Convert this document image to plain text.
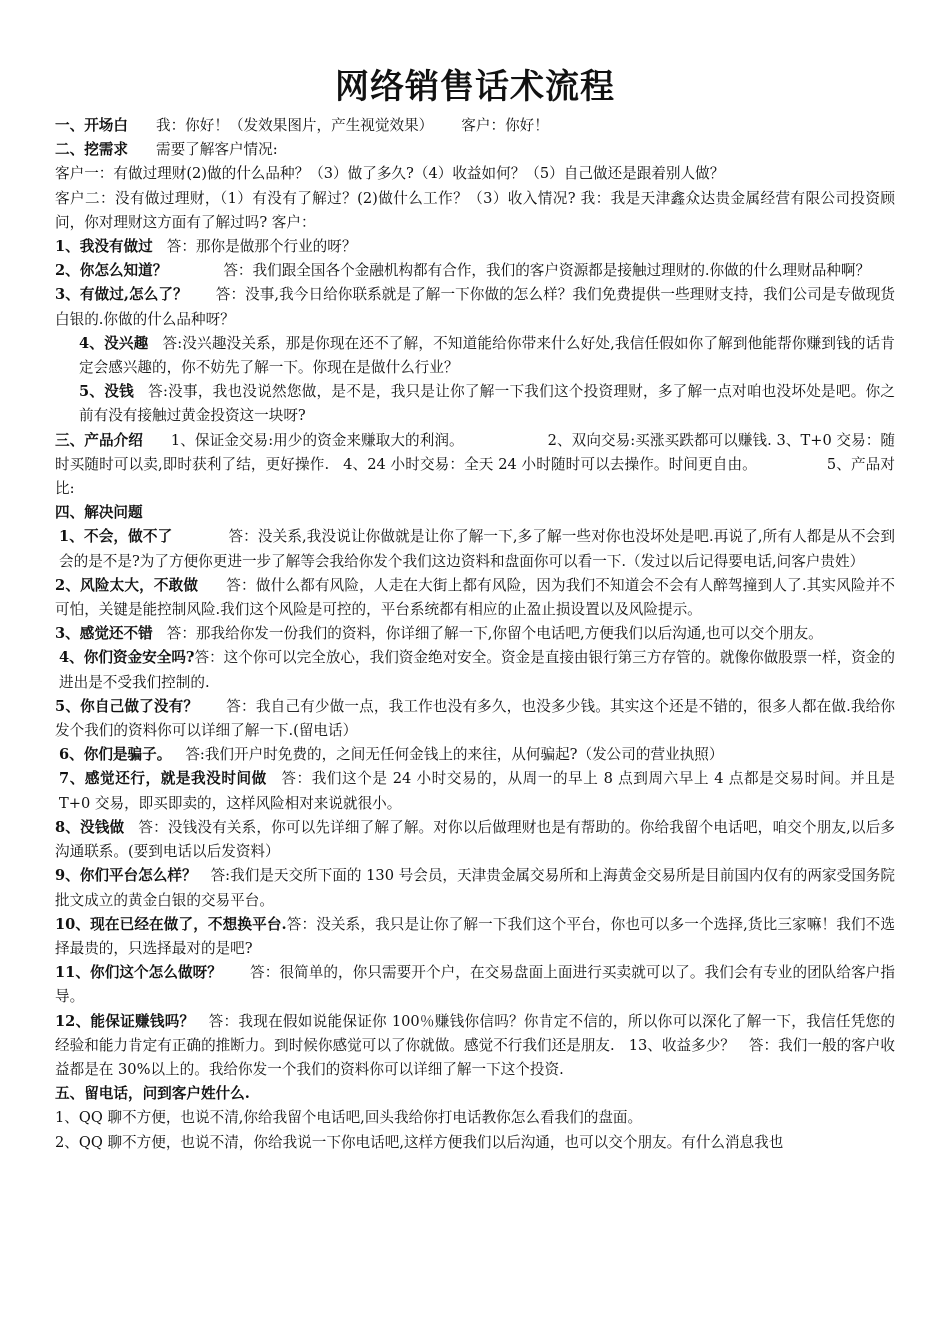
网络销售话术流程

一、开场白 我：你好！（发效果图片，产生视觉效果） 客户：你好！

二、挖需求 需要了解客户情况:

客户一：有做过理财(2)做的什么品种？（3）做了多久?（4）收益如何？（5）自己做还是跟着别人做？

客户二：没有做过理财，（1）有没有了解过？(2)做什么工作？（3）收入情况? 我：我是天津鑫众达贵金属经营有限公司投资顾问，你对理财这方面有了解过吗? 客户：

1、我没有做过 答：那你是做那个行业的呀？

2、你怎么知道？	答：我们跟全国各个金融机构都有合作，我们的客户资源都是接触过理财的.你做的什么理财品种啊？

3、有做过,怎么了？ 答：没事,我今日给你联系就是了解一下你做的怎么样？我们免费提供一些理财支持，我们公司是专做现货白银的.你做的什么品种呀？

4、没兴趣 答:没兴趣没关系，那是你现在还不了解，不知道能给你带来什么好处,我信任假如你了解到他能帮你赚到钱的话肯定会感兴趣的，你不妨先了解一下。你现在是做什么行业？

5、没钱 答:没事，我也没说然您做，是不是，我只是让你了解一下我们这个投资理财，多了解一点对咱也没坏处是吧。你之前有没有接触过黄金投资这一块呀?

三、产品介绍 1、保证金交易:用少的资金来赚取大的利润。	2、双向交易:买涨买跌都可以赚钱. 3、T+0 交易：随时买随时可以卖,即时获利了结，更好操作. 4、24 小时交易：全天 24 小时随时可以去操作。时间更自由。	5、产品对比:

四、解决问题

1、不会，做不了	答：没关系,我没说让你做就是让你了解一下,多了解一些对你也没坏处是吧.再说了,所有人都是从不会到会的是不是?为了方便你更进一步了解等会我给你发个我们这边资料和盘面你可以看一下.（发过以后记得要电话,问客户贵姓）

2、风险太大，不敢做 答：做什么都有风险，人走在大街上都有风险，因为我们不知道会不会有人醉驾撞到人了.其实风险并不可怕，关键是能控制风险.我们这个风险是可控的，平台系统都有相应的止盈止损设置以及风险提示。

3、感觉还不错 答：那我给你发一份我们的资料，你详细了解一下,你留个电话吧,方便我们以后沟通,也可以交个朋友。

4、你们资金安全吗?答：这个你可以完全放心，我们资金绝对安全。资金是直接由银行第三方存管的。就像你做股票一样，资金的进出是不受我们控制的.

5、你自己做了没有？ 答：我自己有少做一点，我工作也没有多久，也没多少钱。其实这个还是不错的，很多人都在做.我给你发个我们的资料你可以详细了解一下.(留电话）

6、你们是骗子。 答:我们开户时免费的，之间无任何金钱上的来往，从何骗起?（发公司的营业执照）

7、感觉还行，就是我没时间做 答：我们这个是 24 小时交易的，从周一的早上 8 点到周六早上 4 点都是交易时间。并且是 T+0 交易，即买即卖的，这样风险相对来说就很小。

8、没钱做 答：没钱没有关系，你可以先详细了解了解。对你以后做理财也是有帮助的。你给我留个电话吧，咱交个朋友,以后多沟通联系。(要到电话以后发资料）

9、你们平台怎么样？ 答:我们是天交所下面的 130 号会员，天津贵金属交易所和上海黄金交易所是目前国内仅有的两家受国务院批文成立的黄金白银的交易平台。

10、现在已经在做了，不想换平台.答：没关系，我只是让你了解一下我们这个平台，你也可以多一个选择,货比三家嘛！我们不选择最贵的，只选择最对的是吧?

11、你们这个怎么做呀？ 答：很简单的，你只需要开个户，在交易盘面上面进行买卖就可以了。我们会有专业的团队给客户指导。

12、能保证赚钱吗？ 答：我现在假如说能保证你 100％赚钱你信吗？你肯定不信的，所以你可以深化了解一下，我信任凭您的经验和能力肯定有正确的推断力。到时候你感觉可以了你就做。感觉不行我们还是朋友. 13、收益多少？ 答：我们一般的客户收益都是在 30%以上的。我给你发一个我们的资料你可以详细了解一下这个投资.

五、留电话，问到客户姓什么.

1、QQ 聊不方便，也说不清,你给我留个电话吧,回头我给你打电话教你怎么看我们的盘面。

2、QQ 聊不方便，也说不清，你给我说一下你电话吧,这样方便我们以后沟通，也可以交个朋友。有什么消息我也
